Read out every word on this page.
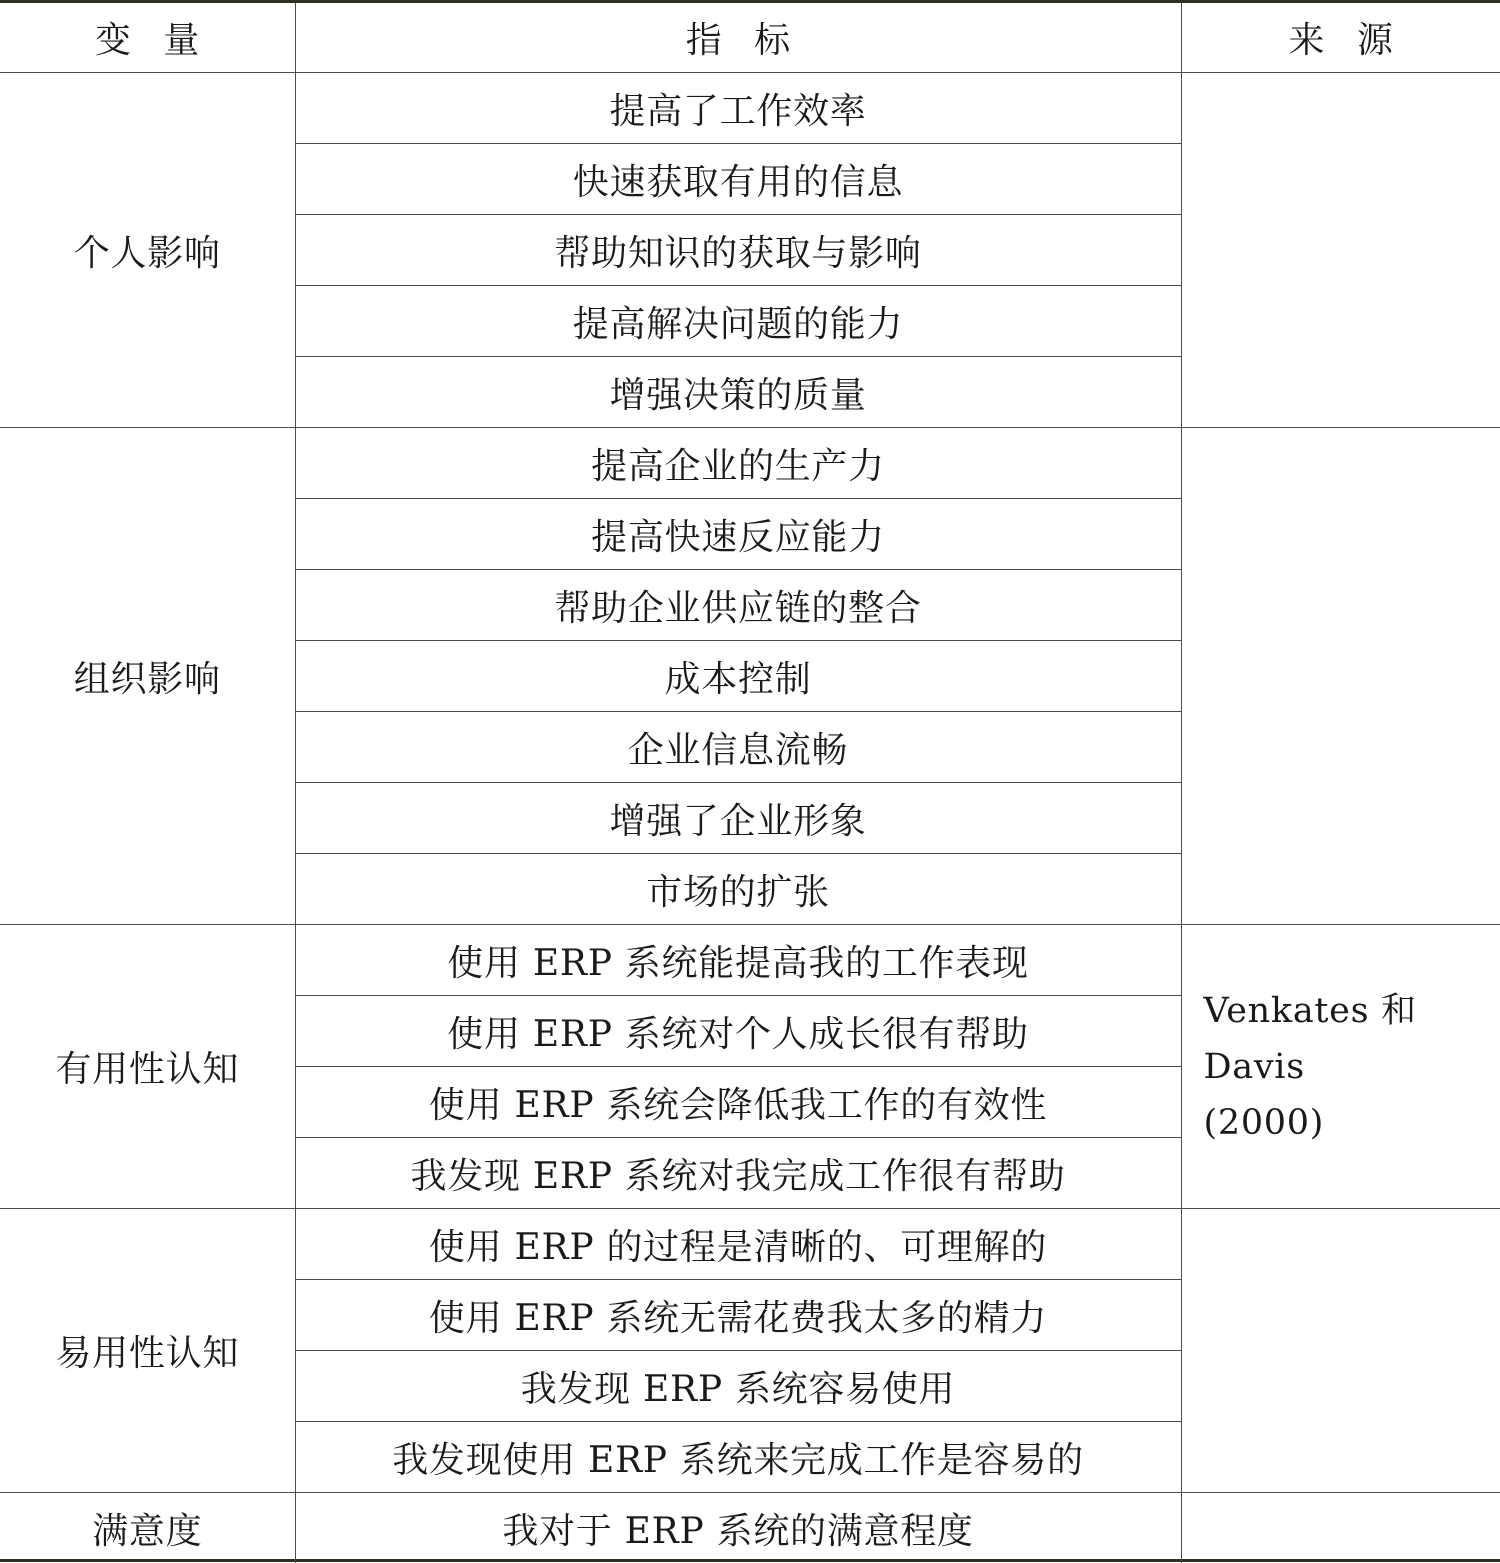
变量	指标	来源
个人影响	提高了工作效率	
	快速获取有用的信息	
	帮助知识的获取与影响	
	提高解决问题的能力	
	增强决策的质量	
组织影响	提高企业的生产力	
	提高快速反应能力	
	帮助企业供应链的整合	
	成本控制	
	企业信息流畅	
	增强了企业形象	
	市场的扩张	
有用性认知	使用 ERP 系统能提高我的工作表现	Venkates 和 Davis
(2000)

	使用 ERP 系统对个人成长很有帮助	
	使用 ERP 系统会降低我工作的有效性	
	我发现 ERP 系统对我完成工作很有帮助	
易用性认知	使用 ERP 的过程是清晰的、可理解的	
	使用 ERP 系统无需花费我太多的精力	
	我发现 ERP 系统容易使用	
	我发现使用 ERP 系统来完成工作是容易的	
满意度	我对于 ERP 系统的满意程度	
